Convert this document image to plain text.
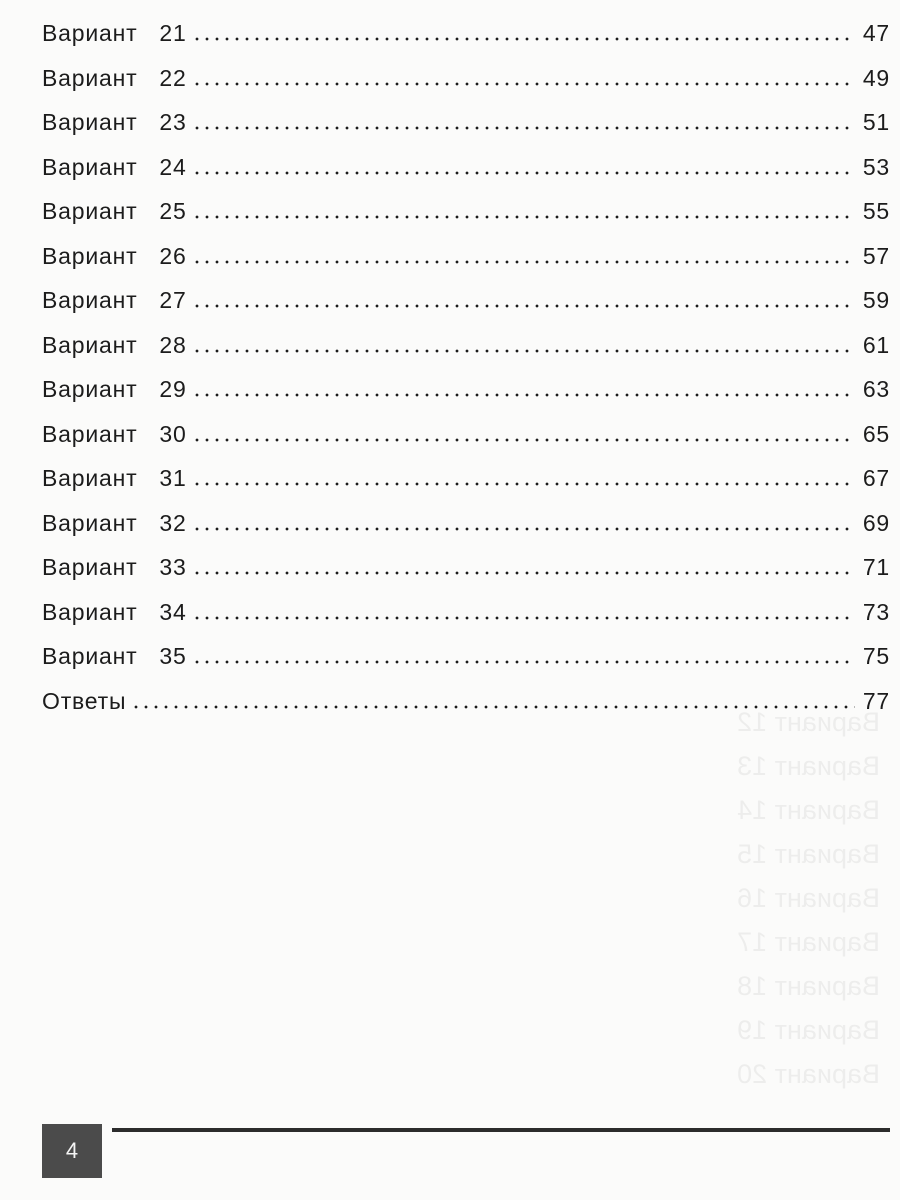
Вариант 12
Вариант 13
Вариант 14
Вариант 15
Вариант 16
Вариант 17
Вариант 18
Вариант 19
Вариант 20
Вариант 21	47
Вариант 22	49
Вариант 23	51
Вариант 24	53
Вариант 25	55
Вариант 26	57
Вариант 27	59
Вариант 28	61
Вариант 29	63
Вариант 30	65
Вариант 31	67
Вариант 32	69
Вариант 33	71
Вариант 34	73
Вариант 35	75
Ответы	77
4
